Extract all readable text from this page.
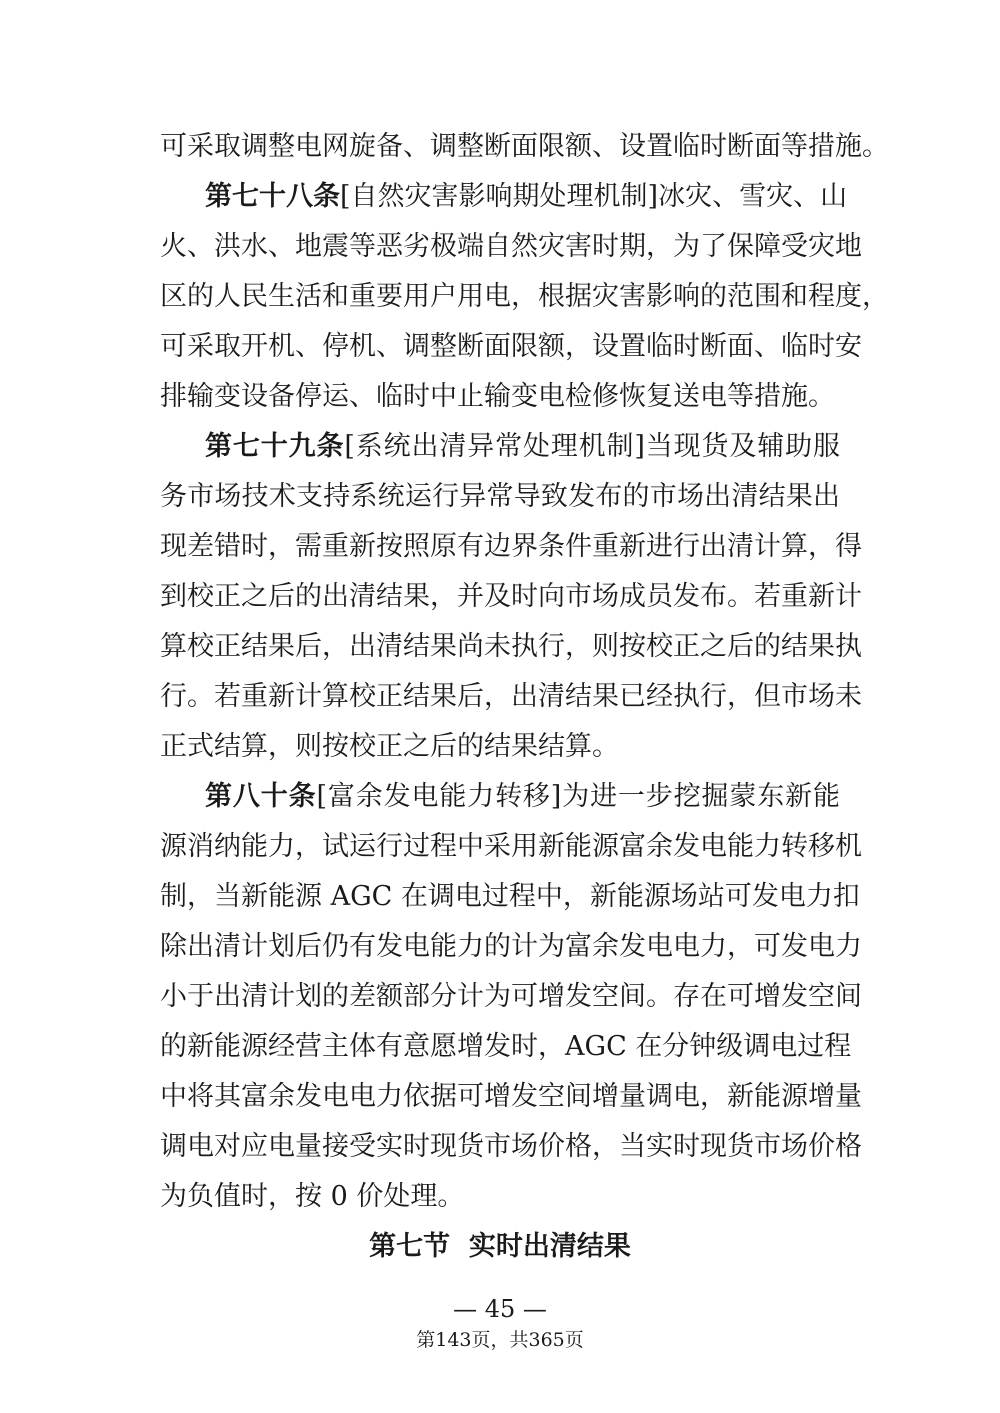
可采取调整电网旋备、调整断面限额、设置临时断面等措施。
第七十八条[自然灾害影响期处理机制]冰灾、雪灾、山
火、洪水、地震等恶劣极端自然灾害时期，为了保障受灾地
区的人民生活和重要用户用电，根据灾害影响的范围和程度，
可采取开机、停机、调整断面限额，设置临时断面、临时安
排输变设备停运、临时中止输变电检修恢复送电等措施。
第七十九条[系统出清异常处理机制]当现货及辅助服
务市场技术支持系统运行异常导致发布的市场出清结果出
现差错时，需重新按照原有边界条件重新进行出清计算，得
到校正之后的出清结果，并及时向市场成员发布。若重新计
算校正结果后，出清结果尚未执行，则按校正之后的结果执
行。若重新计算校正结果后，出清结果已经执行，但市场未
正式结算，则按校正之后的结果结算。
第八十条[富余发电能力转移]为进一步挖掘蒙东新能
源消纳能力，试运行过程中采用新能源富余发电能力转移机
制，当新能源 AGC 在调电过程中，新能源场站可发电力扣
除出清计划后仍有发电能力的计为富余发电电力，可发电力
小于出清计划的差额部分计为可增发空间。存在可增发空间
的新能源经营主体有意愿增发时，AGC 在分钟级调电过程
中将其富余发电电力依据可增发空间增量调电，新能源增量
调电对应电量接受实时现货市场价格，当实时现货市场价格
为负值时，按 0 价处理。
第七节  实时出清结果
— 45 —
第143页，共365页
